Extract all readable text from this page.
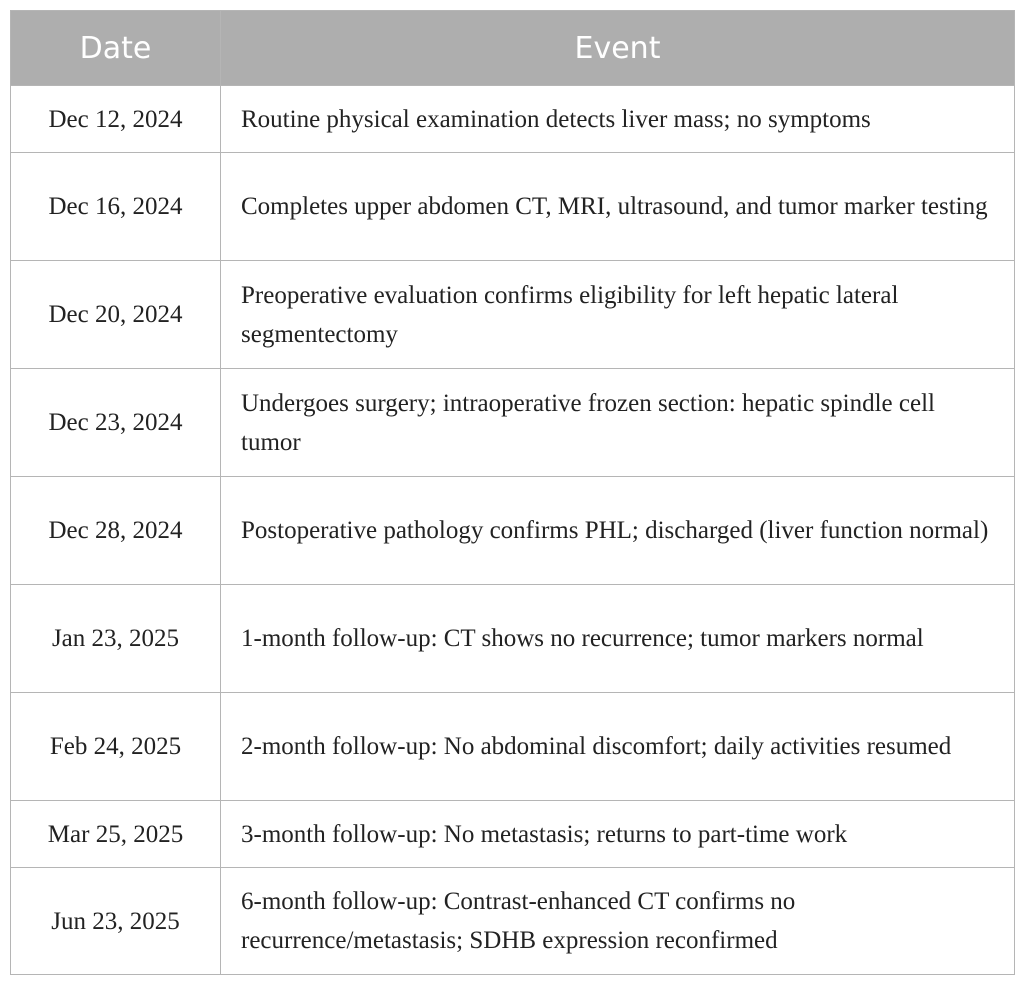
Date	Event
Dec 12, 2024	Routine physical examination detects liver mass; no symptoms
Dec 16, 2024	Completes upper abdomen CT, MRI, ultrasound, and tumor marker testing
Dec 20, 2024	Preoperative evaluation confirms eligibility for left hepatic lateral segmentectomy
Dec 23, 2024	Undergoes surgery; intraoperative frozen section: hepatic spindle cell tumor
Dec 28, 2024	Postoperative pathology confirms PHL; discharged (liver function normal)
Jan 23, 2025	1-month follow-up: CT shows no recurrence; tumor markers normal
Feb 24, 2025	2-month follow-up: No abdominal discomfort; daily activities resumed
Mar 25, 2025	3-month follow-up: No metastasis; returns to part-time work
Jun 23, 2025	6-month follow-up: Contrast-enhanced CT confirms no recurrence/metastasis; SDHB expression reconfirmed
